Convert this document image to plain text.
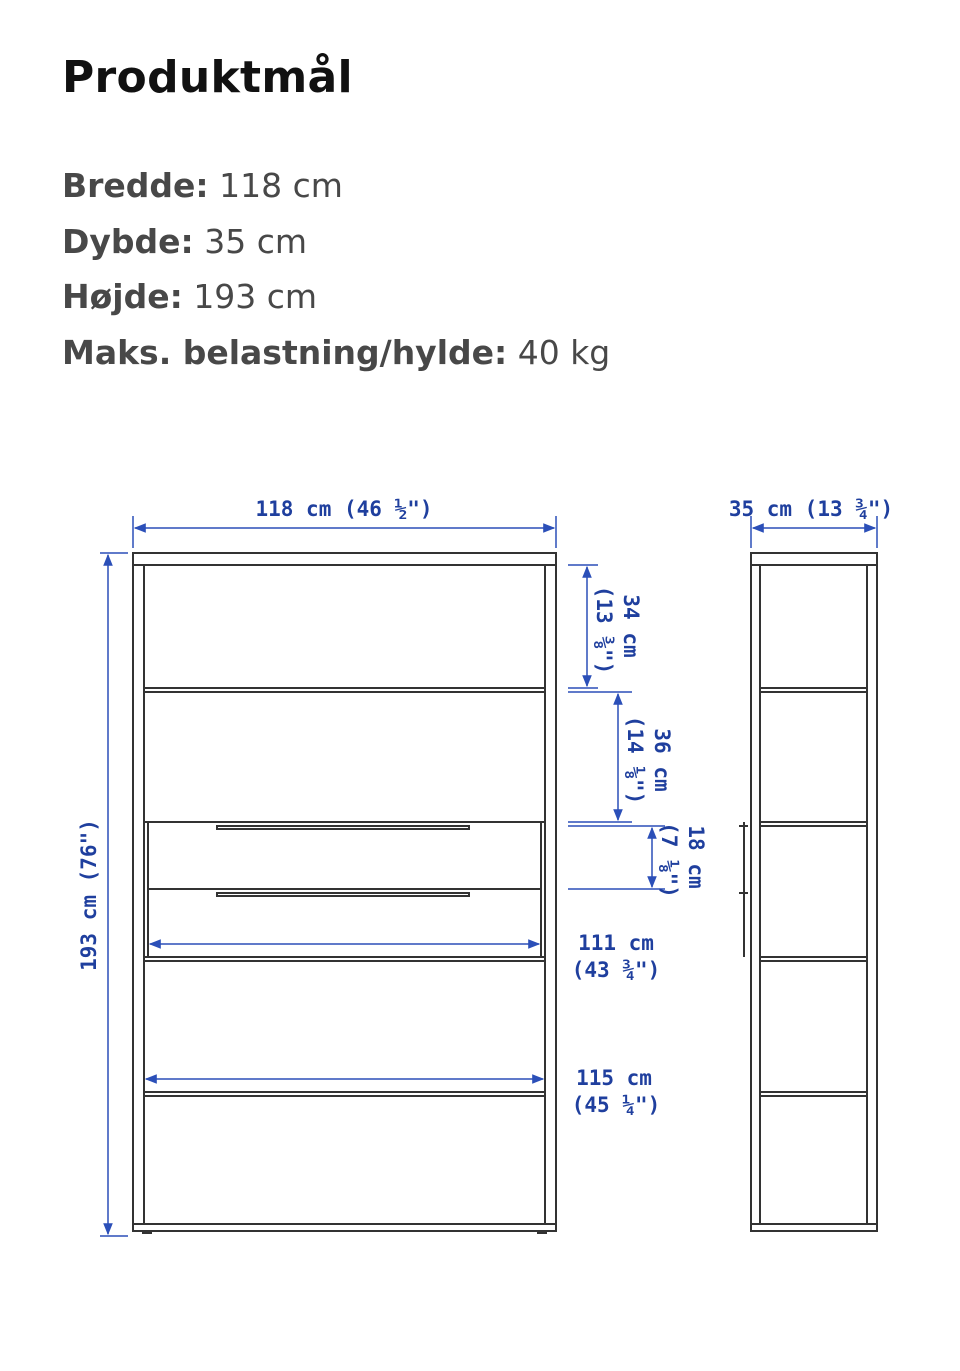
Produktmål
Bredde: 118 cm
Dybde: 35 cm
Højde: 193 cm
Maks. belastning/hylde: 40 kg
118 cm (46 ½")	35 cm (13 ¾")
193 cm (76")
34 cm
(13 ⅜")
36 cm
(14 ⅛")
18 cm
(7 ⅛")
111 cm
(43 ¾")
115 cm
(45 ¼")
